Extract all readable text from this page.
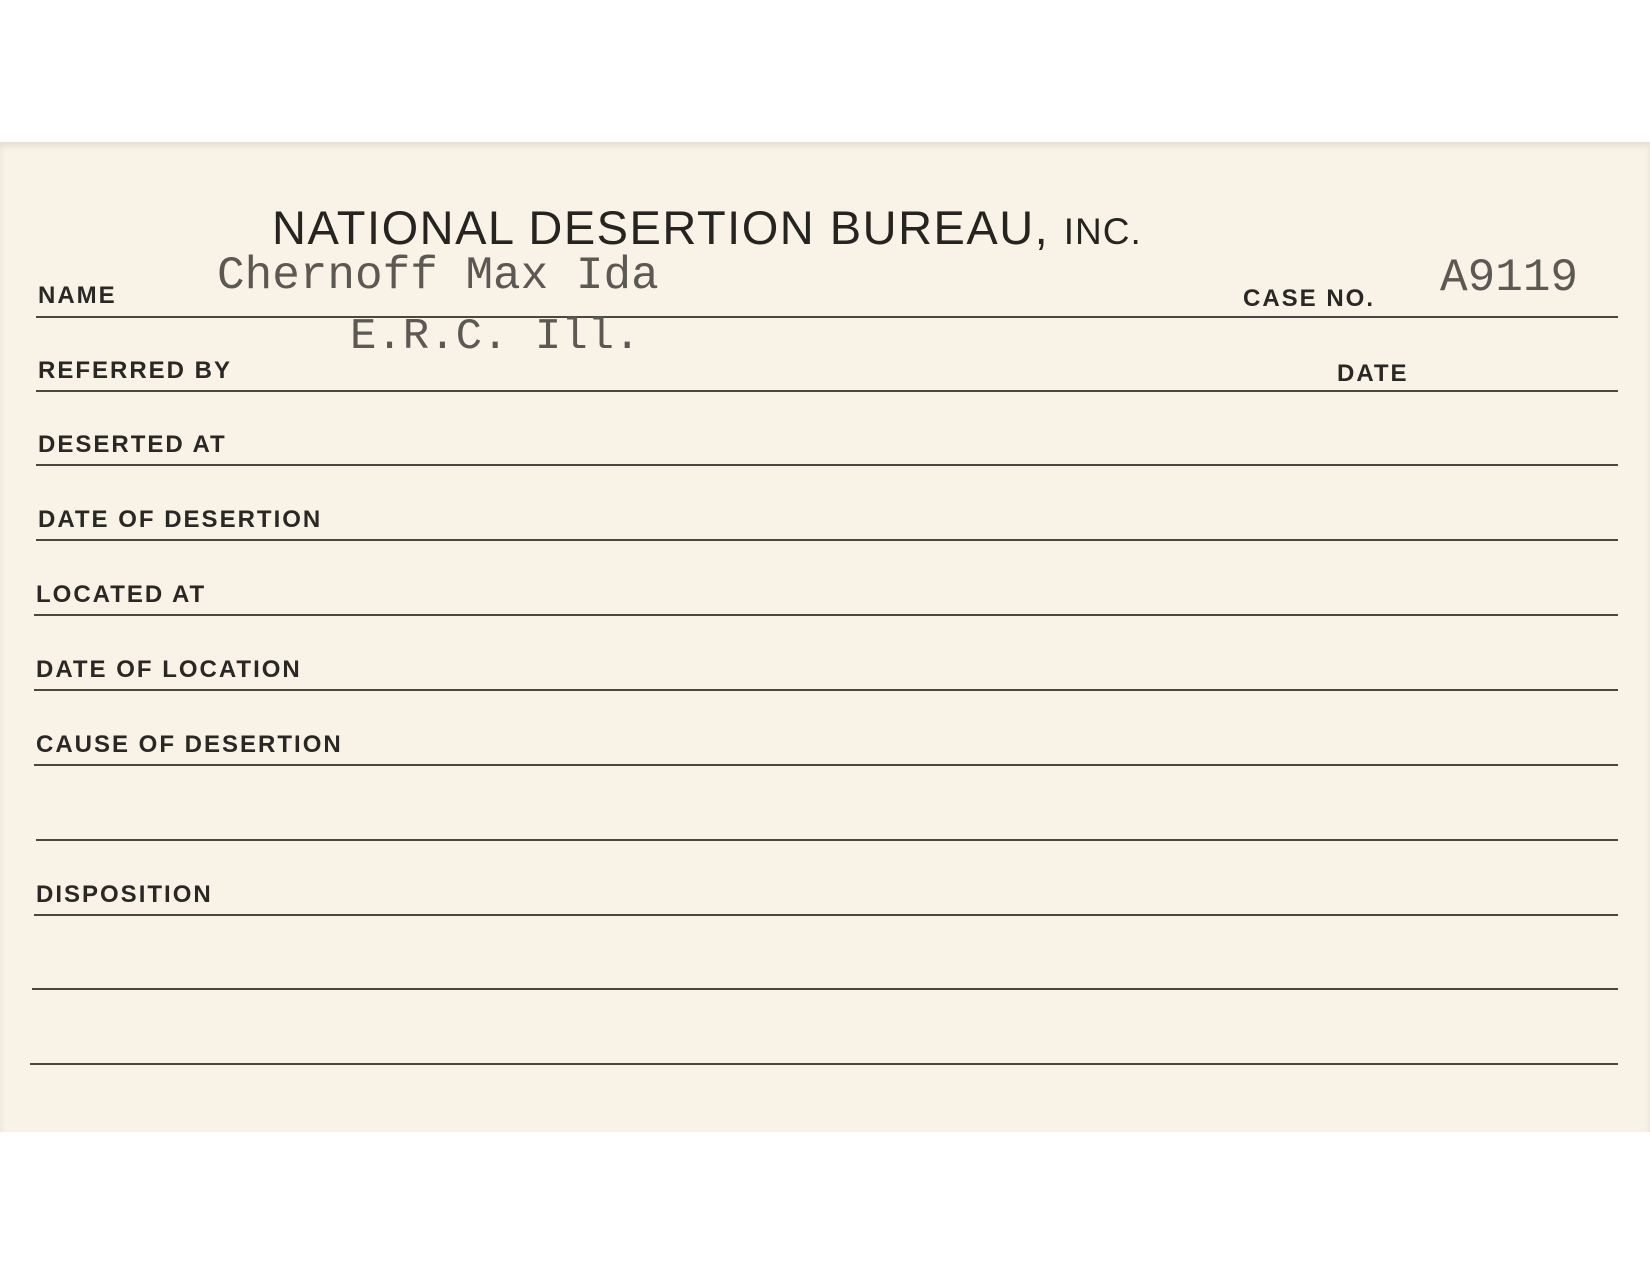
NATIONAL DESERTION BUREAU, INC.
NAME Chernoff Max Ida	CASE NO. A9119
E.R.C. Ill.
REFERRED BY	DATE
DESERTED AT
DATE OF DESERTION
LOCATED AT
DATE OF LOCATION
CAUSE OF DESERTION
DISPOSITION
